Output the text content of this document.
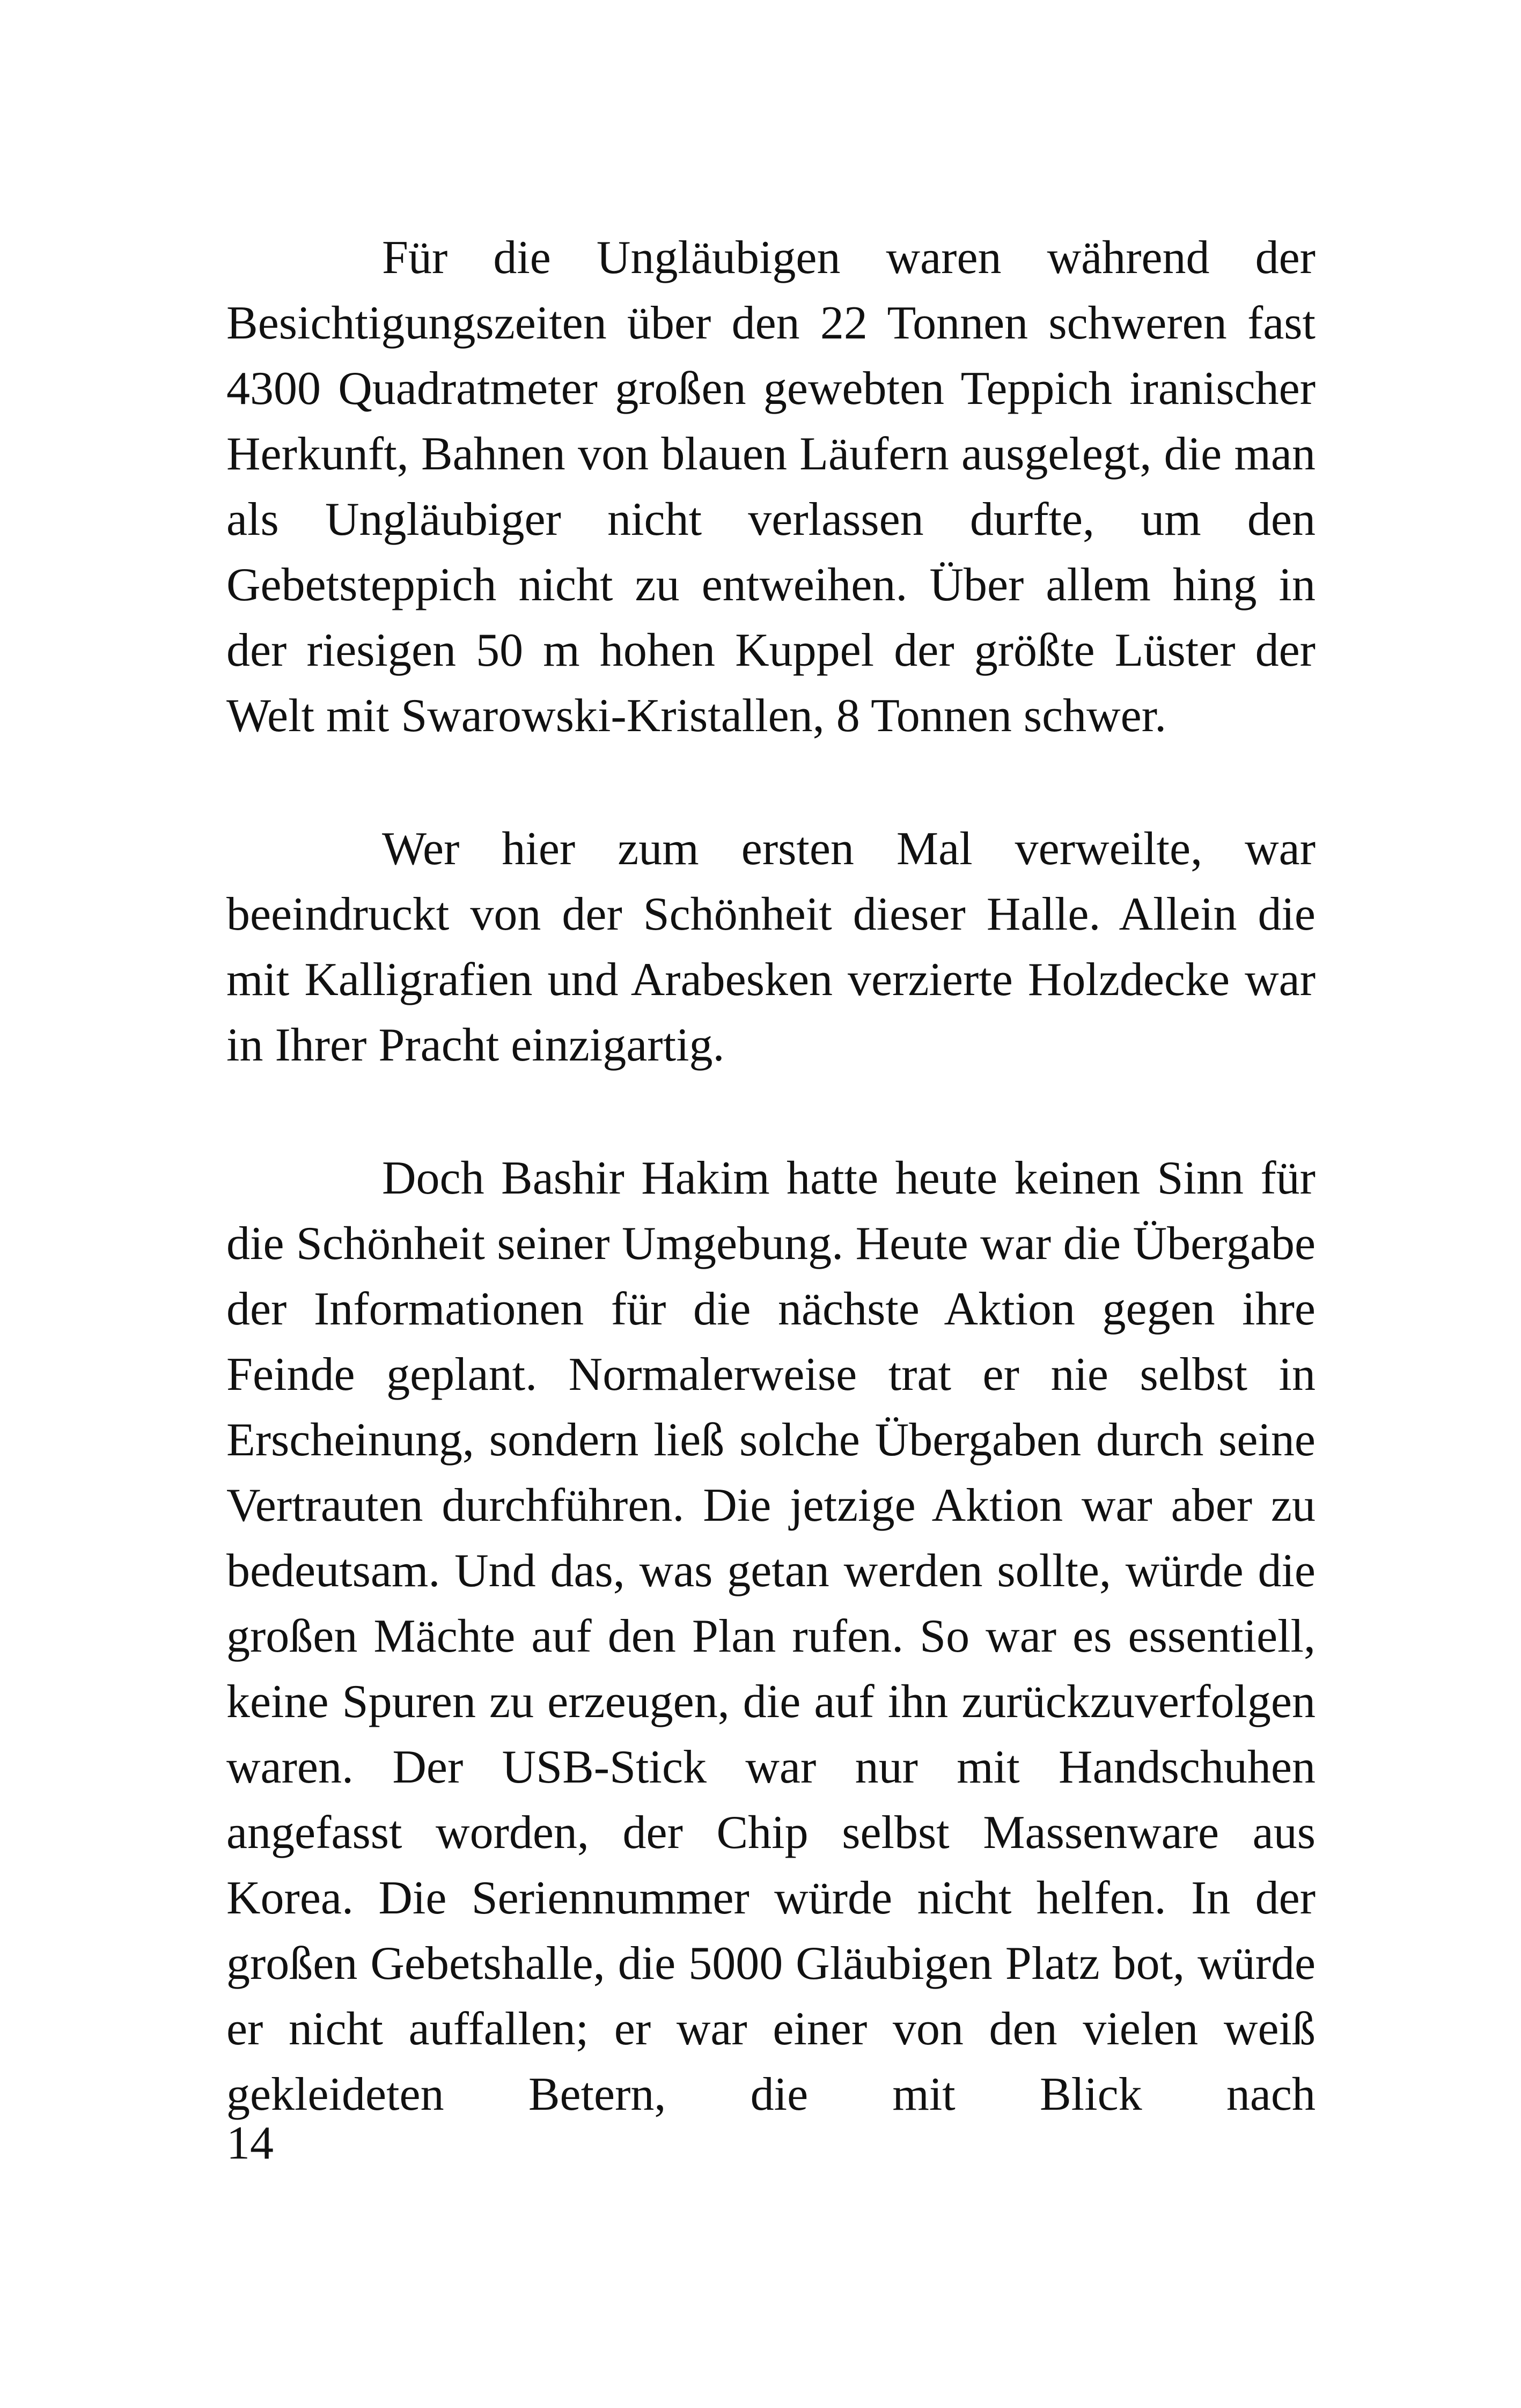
Für die Ungläubigen waren während der Besichtigungszeiten über den 22 Tonnen schweren fast 4300 Quadratmeter großen gewebten Teppich iranischer Herkunft, Bahnen von blauen Läufern ausgelegt, die man als Ungläubiger nicht verlassen durfte, um den Gebetsteppich nicht zu entweihen. Über allem hing in der riesigen 50 m hohen Kuppel der größte Lüster der Welt mit Swarowski-Kristallen, 8 Tonnen schwer.

Wer hier zum ersten Mal verweilte, war beeindruckt von der Schönheit dieser Halle. Allein die mit Kalligrafien und Arabesken verzierte Holzdecke war in Ihrer Pracht einzigartig.

Doch Bashir Hakim hatte heute keinen Sinn für die Schönheit seiner Umgebung. Heute war die Übergabe der Informationen für die nächste Aktion gegen ihre Feinde geplant. Normalerweise trat er nie selbst in Erscheinung, sondern ließ solche Übergaben durch seine Vertrauten durchführen. Die jetzige Aktion war aber zu bedeutsam. Und das, was getan werden sollte, würde die großen Mächte auf den Plan rufen. So war es essentiell, keine Spuren zu erzeugen, die auf ihn zurückzuverfolgen waren. Der USB-Stick war nur mit Handschuhen angefasst worden, der Chip selbst Massenware aus Korea. Die Seriennummer würde nicht helfen. In der großen Gebetshalle, die 5000 Gläubigen Platz bot, würde er nicht auffallen; er war einer von den vielen weiß gekleideten Betern, die mit Blick nach

14
